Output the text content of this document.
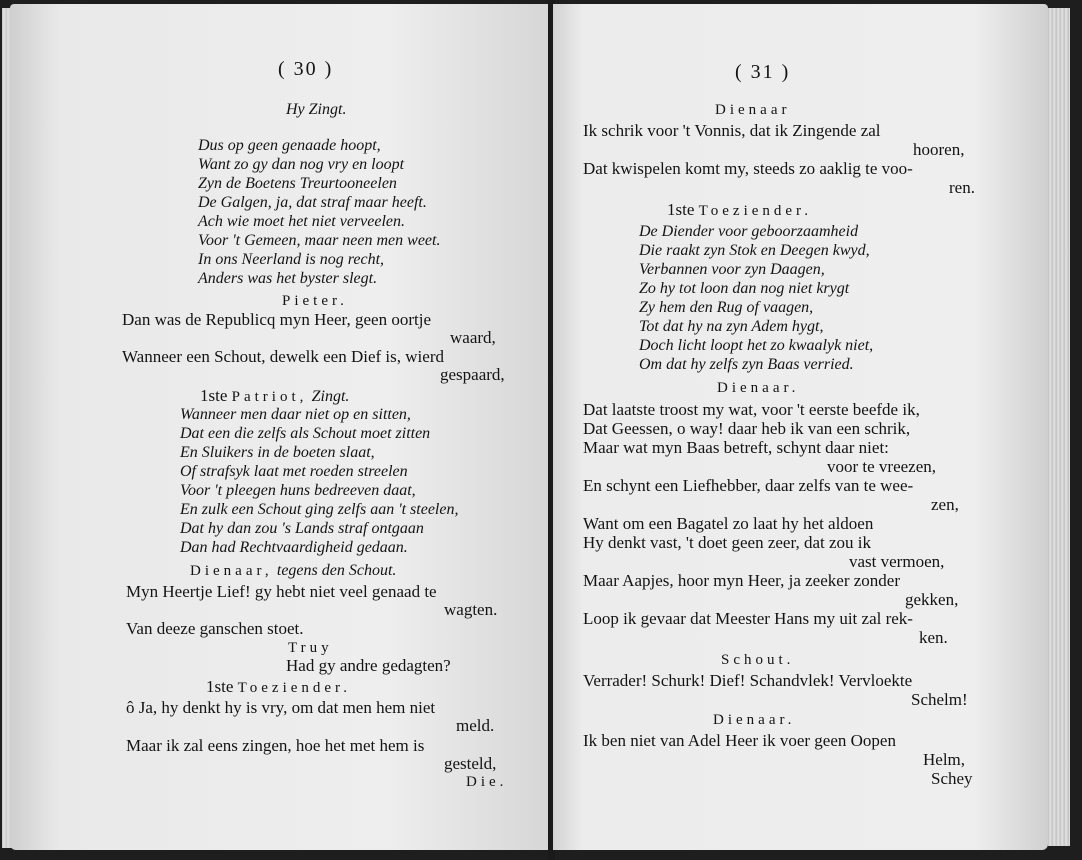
( 30 )
Hy Zingt.
Dus op geen genaade hoopt,
Want zo gy dan nog vry en loopt
Zyn de Boetens Treurtooneelen
De Galgen, ja, dat straf maar heeft.
Ach wie moet het niet verveelen.
Voor 't Gemeen, maar neen men weet.
In ons Neerland is nog recht,
Anders was het byster slegt.
Pieter.
Dan was de Republicq myn Heer, geen oortje
waard,
Wanneer een Schout, dewelk een Dief is, wierd
gespaard,
1ste Patriot, Zingt.
Wanneer men daar niet op en sitten,
Dat een die zelfs als Schout moet zitten
En Sluikers in de boeten slaat,
Of strafsyk laat met roeden streelen
Voor 't pleegen huns bedreeven daat,
En zulk een Schout ging zelfs aan 't steelen,
Dat hy dan zou 's Lands straf ontgaan
Dan had Rechtvaardigheid gedaan.
Dienaar, tegens den Schout.
Myn Heertje Lief! gy hebt niet veel genaad te
wagten.
Van deeze ganschen stoet.
Truy
Had gy andre gedagten?
1ste Toeziender.
ô Ja, hy denkt hy is vry, om dat men hem niet
meld.
Maar ik zal eens zingen, hoe het met hem is
gesteld,
Die.
( 31 )
Dienaar
Ik schrik voor 't Vonnis, dat ik Zingende zal
hooren,
Dat kwispelen komt my, steeds zo aaklig te voo-
ren.
1ste Toeziender.
De Diender voor geboorzaamheid
Die raakt zyn Stok en Deegen kwyd,
Verbannen voor zyn Daagen,
Zo hy tot loon dan nog niet krygt
Zy hem den Rug of vaagen,
Tot dat hy na zyn Adem hygt,
Doch licht loopt het zo kwaalyk niet,
Om dat hy zelfs zyn Baas verried.
Dienaar.
Dat laatste troost my wat, voor 't eerste beefde ik,
Dat Geessen, o way! daar heb ik van een schrik,
Maar wat myn Baas betreft, schynt daar niet:
voor te vreezen,
En schynt een Liefhebber, daar zelfs van te wee-
zen,
Want om een Bagatel zo laat hy het aldoen
Hy denkt vast, 't doet geen zeer, dat zou ik
vast vermoen,
Maar Aapjes, hoor myn Heer, ja zeeker zonder
gekken,
Loop ik gevaar dat Meester Hans my uit zal rek-
ken.
Schout.
Verrader! Schurk! Dief! Schandvlek! Vervloekte
Schelm!
Dienaar.
Ik ben niet van Adel Heer ik voer geen Oopen
Helm,
Schey
